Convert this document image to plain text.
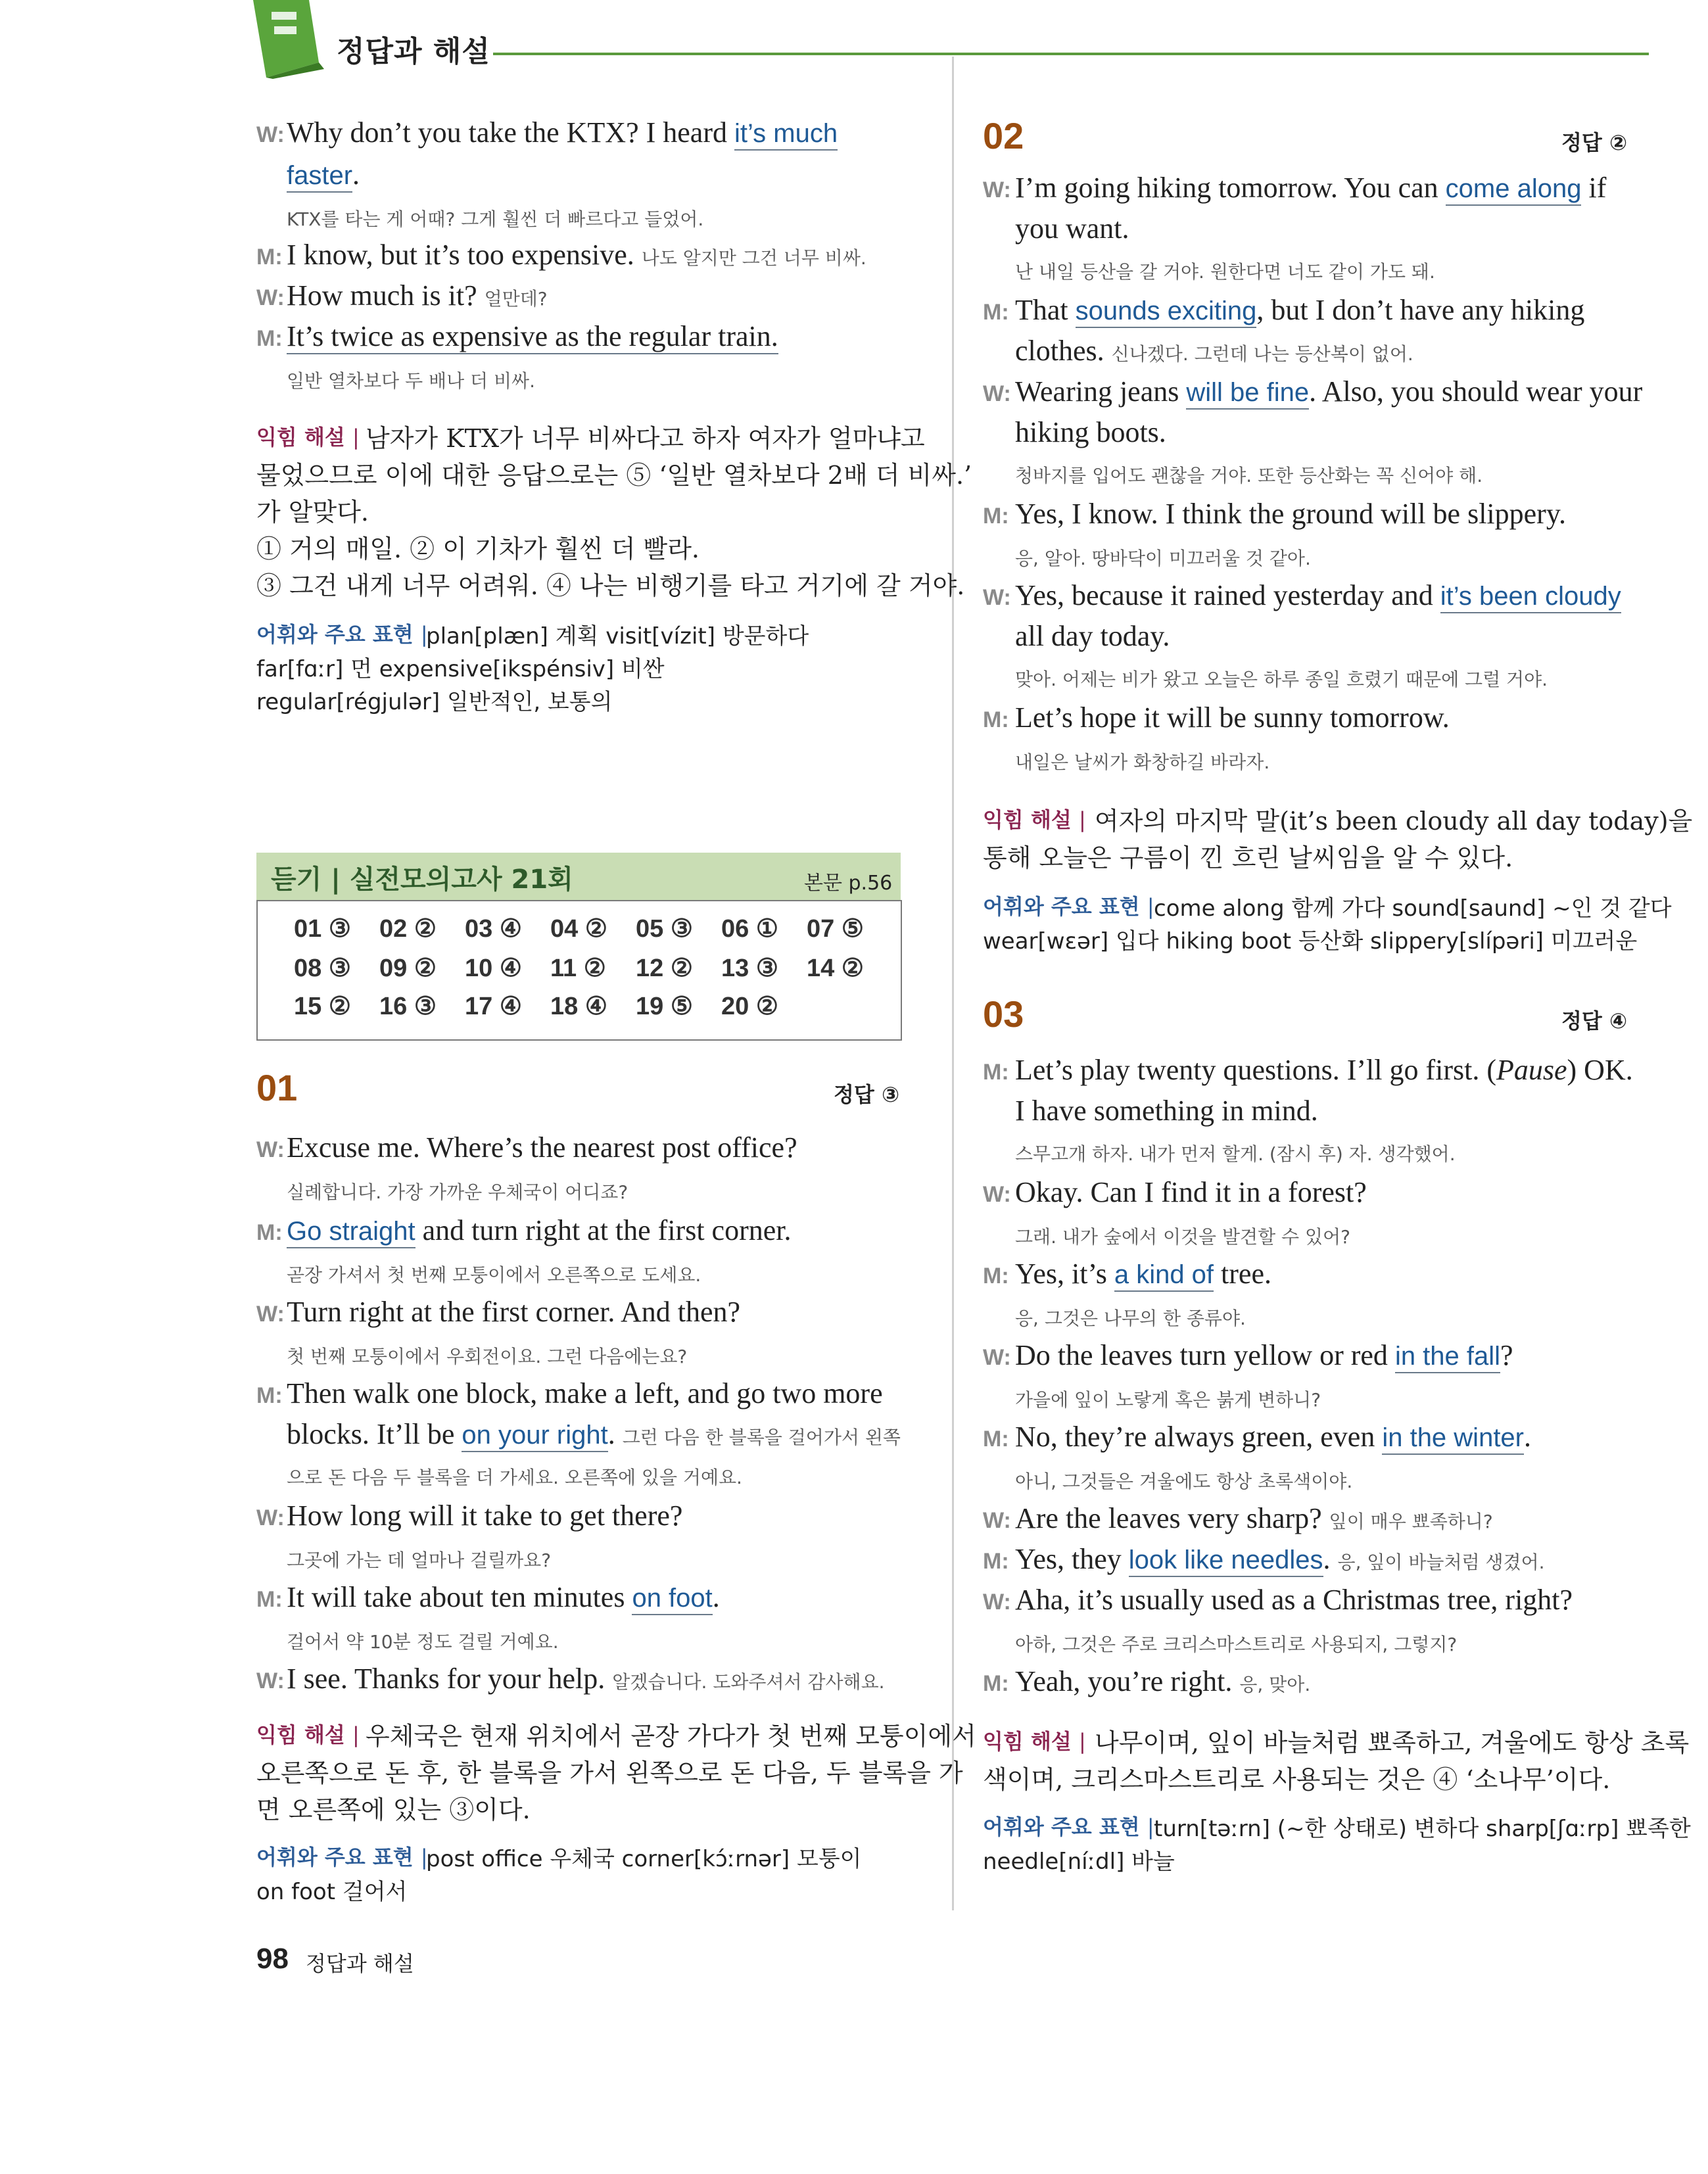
정답과 해설
W: Why don’t you take the KTX? I heard it’s much
faster.
KTX를 타는 게 어때? 그게 훨씬 더 빠르다고 들었어.
M: I know, but it’s too expensive. 나도 알지만 그건 너무 비싸.
W: How much is it? 얼만데?
M: It’s twice as expensive as the regular train.
일반 열차보다 두 배나 더 비싸.
익힘 해설 | 남자가 KTX가 너무 비싸다고 하자 여자가 얼마냐고
물었으므로 이에 대한 응답으로는 ⑤ ‘일반 열차보다 2배 더 비싸.’
가 알맞다.
① 거의 매일. ② 이 기차가 훨씬 더 빨라.
③ 그건 내게 너무 어려워. ④ 나는 비행기를 타고 거기에 갈 거야.
어휘와 주요 표현 |
plan[plæn] 계획 visit[vízit] 방문하다
far[fɑːr] 먼 expensive[ikspénsiv] 비싼
regular[régjulər] 일반적인, 보통의
듣기 | 실전모의고사 21회	본문 p.56
01 ③ 02 ② 03 ④ 04 ② 05 ③ 06 ① 07 ⑤
08 ③ 09 ② 10 ④ 11 ② 12 ② 13 ③ 14 ②
15 ② 16 ③ 17 ④ 18 ④ 19 ⑤ 20 ②
01	정답 ③
W: Excuse me. Where’s the nearest post office?
실례합니다. 가장 가까운 우체국이 어디죠?
M: Go straight and turn right at the first corner.
곧장 가셔서 첫 번째 모퉁이에서 오른쪽으로 도세요.
W: Turn right at the first corner. And then?
첫 번째 모퉁이에서 우회전이요. 그런 다음에는요?
M: Then walk one block, make a left, and go two more
blocks. It’ll be on your right. 그런 다음 한 블록을 걸어가서 왼쪽
으로 돈 다음 두 블록을 더 가세요. 오른쪽에 있을 거예요.
W: How long will it take to get there?
그곳에 가는 데 얼마나 걸릴까요?
M: It will take about ten minutes on foot.
걸어서 약 10분 정도 걸릴 거예요.
W: I see. Thanks for your help. 알겠습니다. 도와주셔서 감사해요.
익힘 해설 | 우체국은 현재 위치에서 곧장 가다가 첫 번째 모퉁이에서
오른쪽으로 돈 후, 한 블록을 가서 왼쪽으로 돈 다음, 두 블록을 가
면 오른쪽에 있는 ③이다.
어휘와 주요 표현 |
post office 우체국 corner[kɔ́ːrnər] 모퉁이
on foot 걸어서
02	정답 ②
W: I’m going hiking tomorrow. You can come along if
you want.
난 내일 등산을 갈 거야. 원한다면 너도 같이 가도 돼.
M: That sounds exciting, but I don’t have any hiking
clothes. 신나겠다. 그런데 나는 등산복이 없어.
W: Wearing jeans will be fine. Also, you should wear your
hiking boots.
청바지를 입어도 괜찮을 거야. 또한 등산화는 꼭 신어야 해.
M: Yes, I know. I think the ground will be slippery.
응, 알아. 땅바닥이 미끄러울 것 같아.
W: Yes, because it rained yesterday and it’s been cloudy
all day today.
맞아. 어제는 비가 왔고 오늘은 하루 종일 흐렸기 때문에 그럴 거야.
M: Let’s hope it will be sunny tomorrow.
내일은 날씨가 화창하길 바라자.
익힘 해설 | 여자의 마지막 말(it’s been cloudy all day today)을
통해 오늘은 구름이 낀 흐린 날씨임을 알 수 있다.
어휘와 주요 표현 | come along 함께 가다 sound[saund] ~인 것 같다
wear[wɛər] 입다 hiking boot 등산화 slippery[slípəri] 미끄러운
03	정답 ④
M: Let’s play twenty questions. I’ll go first. (Pause) OK.
I have something in mind.
스무고개 하자. 내가 먼저 할게. (잠시 후) 자. 생각했어.
W: Okay. Can I find it in a forest?
그래. 내가 숲에서 이것을 발견할 수 있어?
M: Yes, it’s a kind of tree.
응, 그것은 나무의 한 종류야.
W: Do the leaves turn yellow or red in the fall?
가을에 잎이 노랗게 혹은 붉게 변하니?
M: No, they’re always green, even in the winter.
아니, 그것들은 겨울에도 항상 초록색이야.
W: Are the leaves very sharp? 잎이 매우 뾰족하니?
M: Yes, they look like needles. 응, 잎이 바늘처럼 생겼어.
W: Aha, it’s usually used as a Christmas tree, right?
아하, 그것은 주로 크리스마스트리로 사용되지, 그렇지?
M: Yeah, you’re right. 응, 맞아.
익힘 해설 | 나무이며, 잎이 바늘처럼 뾰족하고, 겨울에도 항상 초록
색이며, 크리스마스트리로 사용되는 것은 ④ ‘소나무’이다.
어휘와 주요 표현 | turn[təːrn] (~한 상태로) 변하다 sharp[ʃɑːrp] 뾰족한
needle[níːdl] 바늘
98 정답과 해설
